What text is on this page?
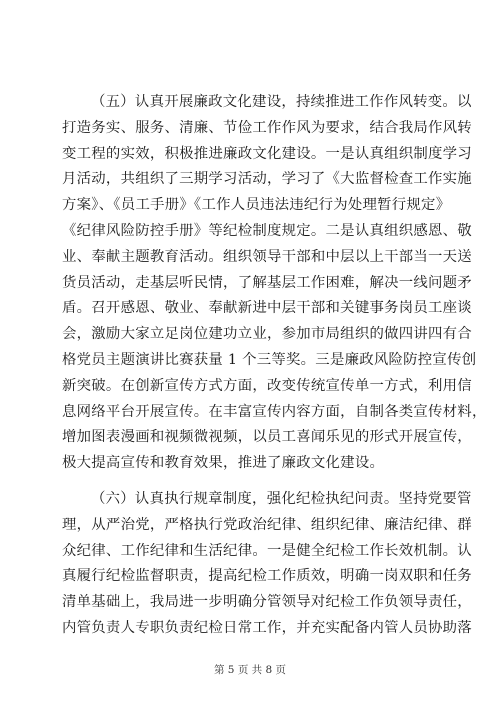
（五）认真开展廉政文化建设，持续推进工作作风转变。以
打造务实、服务、清廉、节俭工作作风为要求，结合我局作风转
变工程的实效，积极推进廉政文化建设。一是认真组织制度学习
月活动，共组织了三期学习活动，学习了《大监督检查工作实施
方案》、《员工手册》《工作人员违法违纪行为处理暂行规定》
《纪律风险防控手册》等纪检制度规定。二是认真组织感恩、敬
业、奉献主题教育活动。组织领导干部和中层以上干部当一天送
货员活动，走基层听民情，了解基层工作困难，解决一线问题矛
盾。召开感恩、敬业、奉献新进中层干部和关键事务岗员工座谈
会，激励大家立足岗位建功立业，参加市局组织的做四讲四有合
格党员主题演讲比赛获量 1 个三等奖。三是廉政风险防控宣传创
新突破。在创新宣传方式方面，改变传统宣传单一方式，利用信
息网络平台开展宣传。在丰富宣传内容方面，自制各类宣传材料，
增加图表漫画和视频微视频，以员工喜闻乐见的形式开展宣传，
极大提高宣传和教育效果，推进了廉政文化建设。
（六）认真执行规章制度，强化纪检执纪问责。坚持党要管
理，从严治党，严格执行党政治纪律、组织纪律、廉洁纪律、群
众纪律、工作纪律和生活纪律。一是健全纪检工作长效机制。认
真履行纪检监督职责，提高纪检工作质效，明确一岗双职和任务
清单基础上，我局进一步明确分管领导对纪检工作负领导责任，
内管负责人专职负责纪检日常工作，并充实配备内管人员协助落
第 5 页 共 8 页
